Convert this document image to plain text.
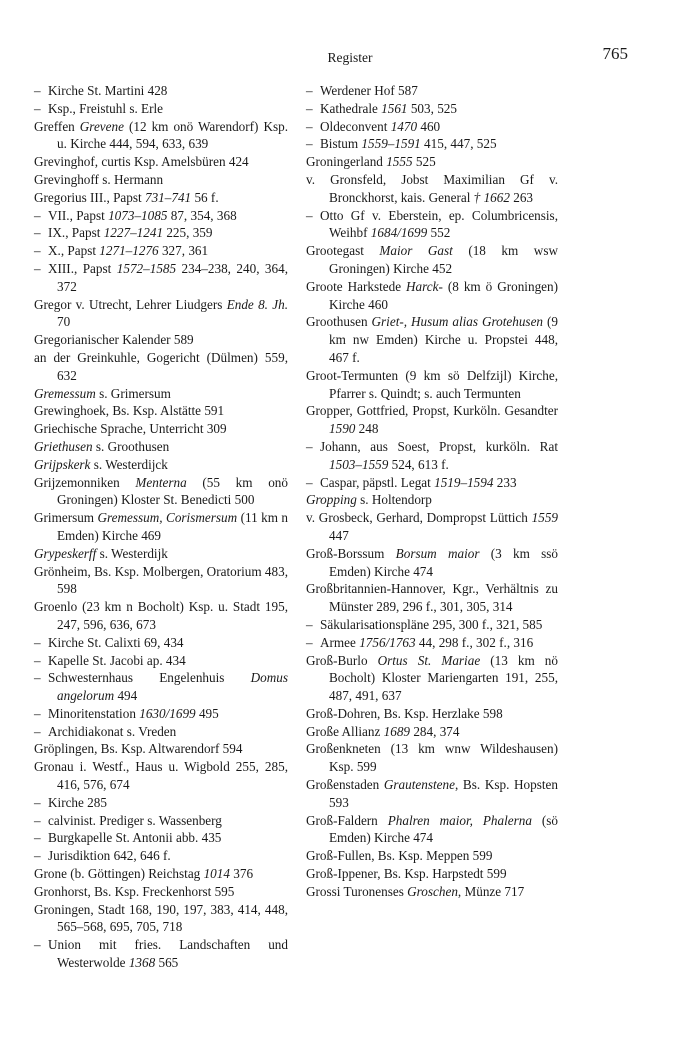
Register	765

– Kirche St. Martini 428

– Ksp., Freistuhl s. Erle

Greffen Grevene (12 km onö Warendorf) Ksp. u. Kirche 444, 594, 633, 639

Grevinghof, curtis Ksp. Amelsbüren 424

Grevinghoff s. Hermann

Gregorius III., Papst 731–741 56 f.

– VII., Papst 1073–1085 87, 354, 368

– IX., Papst 1227–1241 225, 359

– X., Papst 1271–1276 327, 361

– XIII., Papst 1572–1585 234–238, 240, 364, 372

Gregor v. Utrecht, Lehrer Liudgers Ende 8. Jh. 70

Gregorianischer Kalender 589

an der Greinkuhle, Gogericht (Dülmen) 559, 632

Gremessum s. Grimersum

Grewinghoek, Bs. Ksp. Alstätte 591

Griechische Sprache, Unterricht 309

Griethusen s. Groothusen

Grijpskerk s. Westerdijck

Grijzemonniken Menterna (55 km onö Groningen) Kloster St. Benedicti 500

Grimersum Gremessum, Corismersum (11 km n Emden) Kirche 469

Grypeskerff s. Westerdijk

Grönheim, Bs. Ksp. Molbergen, Oratorium 483, 598

Groenlo (23 km n Bocholt) Ksp. u. Stadt 195, 247, 596, 636, 673

– Kirche St. Calixti 69, 434

– Kapelle St. Jacobi ap. 434

– Schwesternhaus Engelenhuis Domus angelorum 494

– Minoritenstation 1630/1699 495

– Archidiakonat s. Vreden

Gröplingen, Bs. Ksp. Altwarendorf 594

Gronau i. Westf., Haus u. Wigbold 255, 285, 416, 576, 674

– Kirche 285

– calvinist. Prediger s. Wassenberg

– Burgkapelle St. Antonii abb. 435

– Jurisdiktion 642, 646 f.

Grone (b. Göttingen) Reichstag 1014 376

Gronhorst, Bs. Ksp. Freckenhorst 595

Groningen, Stadt 168, 190, 197, 383, 414, 448, 565–568, 695, 705, 718

– Union mit fries. Landschaften und Westerwolde 1368 565

– Werdener Hof 587

– Kathedrale 1561 503, 525

– Oldeconvent 1470 460

– Bistum 1559–1591 415, 447, 525

Groningerland 1555 525

v. Gronsfeld, Jobst Maximilian Gf v. Bronckhorst, kais. General † 1662 263

– Otto Gf v. Eberstein, ep. Columbricensis, Weihbf 1684/1699 552

Grootegast Maior Gast (18 km wsw Groningen) Kirche 452

Groote Harkstede Harck- (8 km ö Groningen) Kirche 460

Groothusen Griet-, Husum alias Grotehusen (9 km nw Emden) Kirche u. Propstei 448, 467 f.

Groot-Termunten (9 km sö Delfzijl) Kirche, Pfarrer s. Quindt; s. auch Termunten

Gropper, Gottfried, Propst, Kurköln. Gesandter 1590 248

– Johann, aus Soest, Propst, kurköln. Rat 1503–1559 524, 613 f.

– Caspar, päpstl. Legat 1519–1594 233

Gropping s. Holtendorp

v. Grosbeck, Gerhard, Dompropst Lüttich 1559 447

Groß-Borssum Borsum maior (3 km ssö Emden) Kirche 474

Großbritannien-Hannover, Kgr., Verhältnis zu Münster 289, 296 f., 301, 305, 314

– Säkularisationspläne 295, 300 f., 321, 585

– Armee 1756/1763 44, 298 f., 302 f., 316

Groß-Burlo Ortus St. Mariae (13 km nö Bocholt) Kloster Mariengarten 191, 255, 487, 491, 637

Groß-Dohren, Bs. Ksp. Herzlake 598

Große Allianz 1689 284, 374

Großenkneten (13 km wnw Wildeshausen) Ksp. 599

Großenstaden Grautenstene, Bs. Ksp. Hopsten 593

Groß-Faldern Phalren maior, Phalerna (sö Emden) Kirche 474

Groß-Fullen, Bs. Ksp. Meppen 599

Groß-Ippener, Bs. Ksp. Harpstedt 599

Grossi Turonenses Groschen, Münze 717
